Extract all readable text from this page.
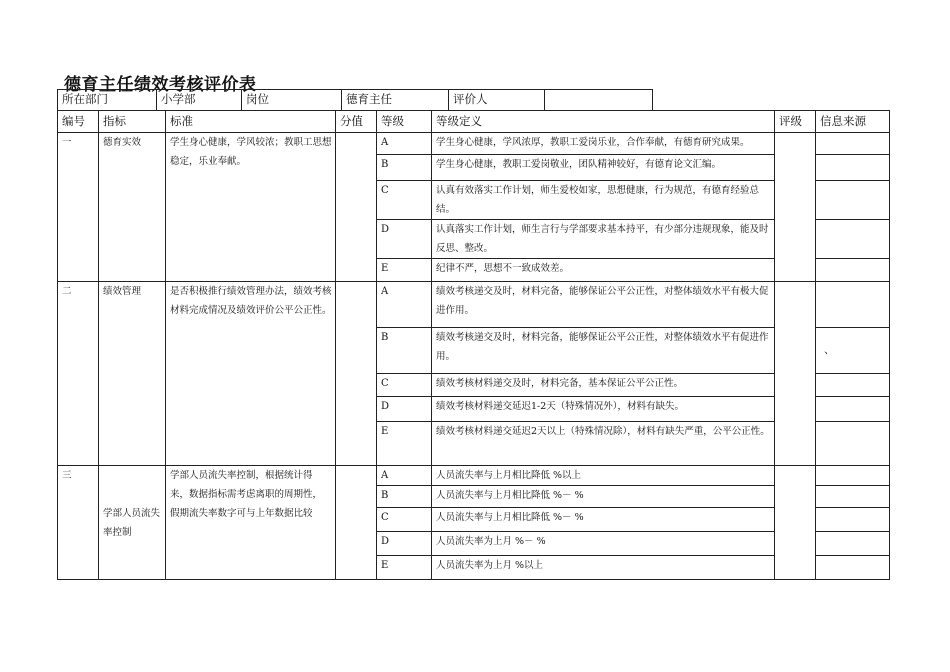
德育主任绩效考核评价表
所在部门	小学部	岗位	德育主任	评价人	
编号	指标	标准	分值	等级	等级定义	评级	信息来源
一	德育实效	学生身心健康，学风较浓；教职工思想稳定，乐业奉献。		A	学生身心健康，学风浓厚，教职工爱岗乐业，合作奉献，有德育研究成果。		
				B	学生身心健康，教职工爱岗敬业，团队精神较好，有德育论文汇编。		
				C	认真有效落实工作计划，师生爱校如家，思想健康，行为规范，有德育经验总结。		
				D	认真落实工作计划，师生言行与学部要求基本持平，有少部分违规现象，能及时反思、整改。		
				E	纪律不严，思想不一致成效差。		
二	绩效管理	是否积极推行绩效管理办法，绩效考核材料完成情况及绩效评价公平公正性。		A	绩效考核递交及时，材料完备，能够保证公平公正性，对整体绩效水平有极大促进作用。		
				B	绩效考核递交及时，材料完备，能够保证公平公正性，对整体绩效水平有促进作用。		、
				C	绩效考核材料递交及时，材料完备，基本保证公平公正性。		
				D	绩效考核材料递交延迟1-2天（特殊情况外），材料有缺失。		
				E	绩效考核材料递交延迟2天以上（特殊情况除），材料有缺失严重，公平公正性。		
三	学部人员流失率控制	学部人员流失率控制，根据统计得来，数据指标需考虑离职的周期性，假期流失率数字可与上年数据比较		A	人员流失率与上月相比降低 %以上		
				B	人员流失率与上月相比降低 %－ %		
				C	人员流失率与上月相比降低 %－ %		
				D	人员流失率为上月 %－ %		
				E	人员流失率为上月 %以上		
